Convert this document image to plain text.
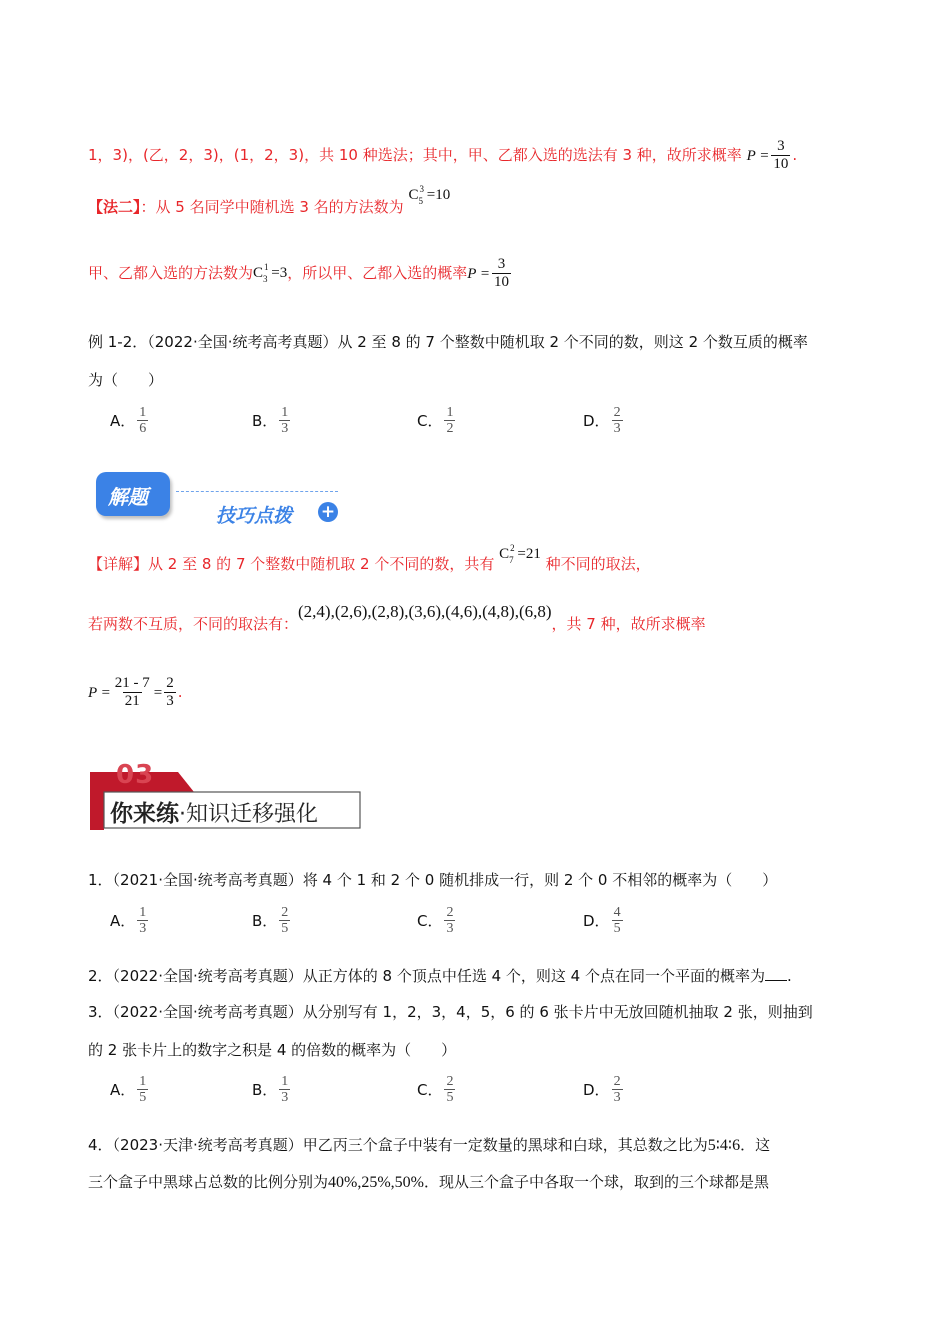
1，3)，(乙，2，3)，(1，2，3)，共 10 种选法；其中，甲、乙都入选的选法有 3 种，故所求概率 $P = \frac{3}{10}$ .
【法二】：从 5 名同学中随机选 3 名的方法数为 C 3
$_5$ =10
甲、乙都入选的方法数为C 1
$_3$ =3，所以甲、乙都入选的概率$P = \frac{3}{10}$
例 1-2．（2022·全国·统考高考真题）从 2 至 8 的 7 个整数中随机取 2 个不同的数，则这 2 个数互质的概率
为（　　）
A． $\frac{1}{6}$	B． $\frac{1}{3}$	C． $\frac{1}{2}$	D． $\frac{2}{3}$
解题
技巧点拨 +
【详解】从 2 至 8 的 7 个整数中随机取 2 个不同的数，共有 C 2
$_7$ =21 种不同的取法，
若两数不互质，不同的取法有：(2,4),(2,6),(2,8),(3,6),(4,6),(4,8),(6,8)，共 7 种，故所求概率
$P = \frac{21 - 7}{21} = \frac{2}{3}$ .
03
你来练·知识迁移强化
1．（2021·全国·统考高考真题）将 4 个 1 和 2 个 0 随机排成一行，则 2 个 0 不相邻的概率为（　　）
A． $\frac{1}{3}$	B． $\frac{2}{5}$	C． $\frac{2}{3}$	D． $\frac{4}{5}$
2．（2022·全国·统考高考真题）从正方体的 8 个顶点中任选 4 个，则这 4 个点在同一个平面的概率为 .
3．（2022·全国·统考高考真题）从分别写有 1，2，3，4，5，6 的 6 张卡片中无放回随机抽取 2 张，则抽到
的 2 张卡片上的数字之积是 4 的倍数的概率为（　　）
A． $\frac{1}{5}$	B． $\frac{1}{3}$	C． $\frac{2}{5}$	D． $\frac{2}{3}$
4．（2023·天津·统考高考真题）甲乙丙三个盒子中装有一定数量的黑球和白球，其总数之比为5∶4∶6．这
三个盒子中黑球占总数的比例分别为40%,25%,50%．现从三个盒子中各取一个球，取到的三个球都是黑
